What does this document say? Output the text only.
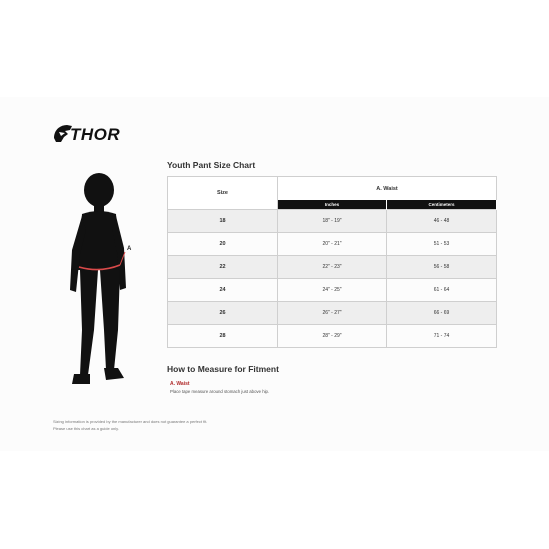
THOR
A
Youth Pant Size Chart
Size	A. Waist	
	Inches	Centimeters
18	18" - 19"	46 - 48
20	20" - 21"	51 - 53
22	22" - 23"	56 - 58
24	24" - 25"	61 - 64
26	26" - 27"	66 - 69
28	28" - 29"	71 - 74
How to Measure for Fitment
A. Waist
Place tape measure around stomach just above hip.
Sizing information is provided by the manufacturer and does not guarantee a perfect fit.
Please use this chart as a guide only.
